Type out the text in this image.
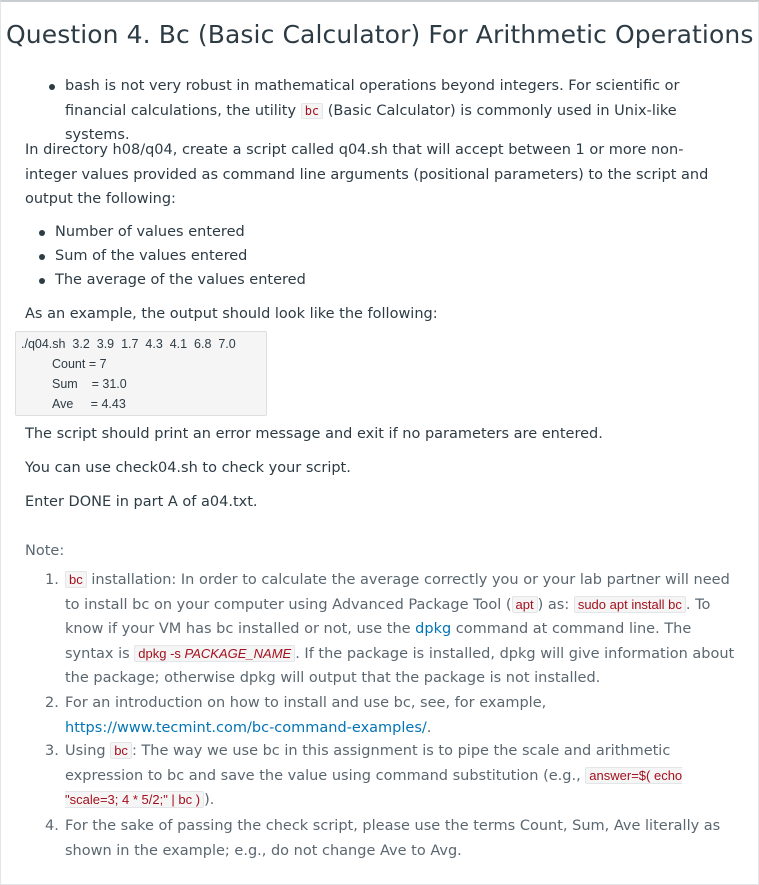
Question 4. Bc (Basic Calculator) For Arithmetic Operations
bash is not very robust in mathematical operations beyond integers. For scientific or financial calculations, the utility bc (Basic Calculator) is commonly used in Unix-like systems.
In directory h08/q04, create a script called q04.sh that will accept between 1 or more non-integer values provided as command line arguments (positional parameters) to the script and output the following:
Number of values entered
Sum of the values entered
The average of the values entered
As an example, the output should look like the following:
./q04.sh  3.2  3.9  1.7  4.3  4.1  6.8  7.0
Count = 7
Sum    = 31.0
Ave     = 4.43
The script should print an error message and exit if no parameters are entered.
You can use check04.sh to check your script.
Enter DONE in part A of a04.txt.
Note:
1. bc installation: In order to calculate the average correctly you or your lab partner will need to install bc on your computer using Advanced Package Tool ( apt ) as: sudo apt install bc . To know if your VM has bc installed or not, use the dpkg command at command line. The syntax is dpkg -s PACKAGE_NAME . If the package is installed, dpkg will give information about the package; otherwise dpkg will output that the package is not installed.
2. For an introduction on how to install and use bc, see, for example,
https://www.tecmint.com/bc-command-examples/.
3. Using bc : The way we use bc in this assignment is to pipe the scale and arithmetic expression to bc and save the value using command substitution (e.g., answer=$( echo "scale=3; 4 * 5/2;" | bc ) ).
4. For the sake of passing the check script, please use the terms Count, Sum, Ave literally as shown in the example; e.g., do not change Ave to Avg.
